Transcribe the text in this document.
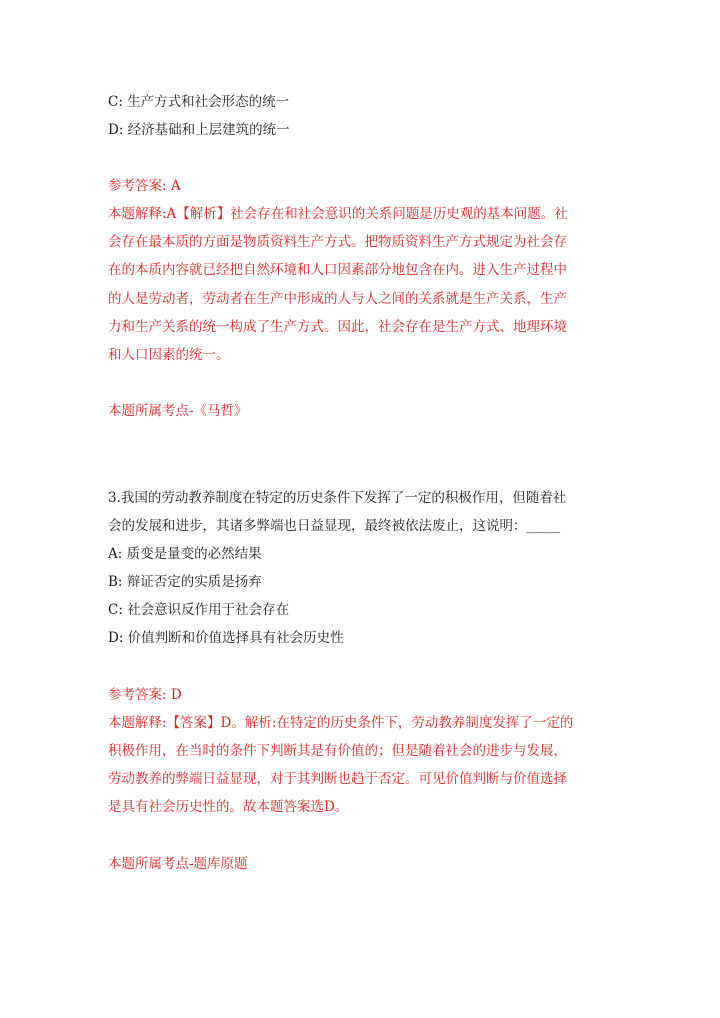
C: 生产方式和社会形态的统一
D: 经济基础和上层建筑的统一
参考答案: A
本题解释:A【解析】社会存在和社会意识的关系问题是历史观的基本问题。社
会存在最本质的方面是物质资料生产方式。把物质资料生产方式规定为社会存
在的本质内容就已经把自然环境和人口因素部分地包含在内。进入生产过程中
的人是劳动者，劳动者在生产中形成的人与人之间的关系就是生产关系，生产
力和生产关系的统一构成了生产方式。因此，社会存在是生产方式、地理环境
和人口因素的统一。
本题所属考点-《马哲》
3.我国的劳动教养制度在特定的历史条件下发挥了一定的积极作用，但随着社
会的发展和进步，其诸多弊端也日益显现，最终被依法废止，这说明：_____
A: 质变是量变的必然结果
B: 辩证否定的实质是扬弃
C: 社会意识反作用于社会存在
D: 价值判断和价值选择具有社会历史性
参考答案: D
本题解释:【答案】D。解析:在特定的历史条件下，劳动教养制度发挥了一定的
积极作用，在当时的条件下判断其是有价值的；但是随着社会的进步与发展，
劳动教养的弊端日益显现，对于其判断也趋于否定。可见价值判断与价值选择
是具有社会历史性的。故本题答案选D。
本题所属考点-题库原题
